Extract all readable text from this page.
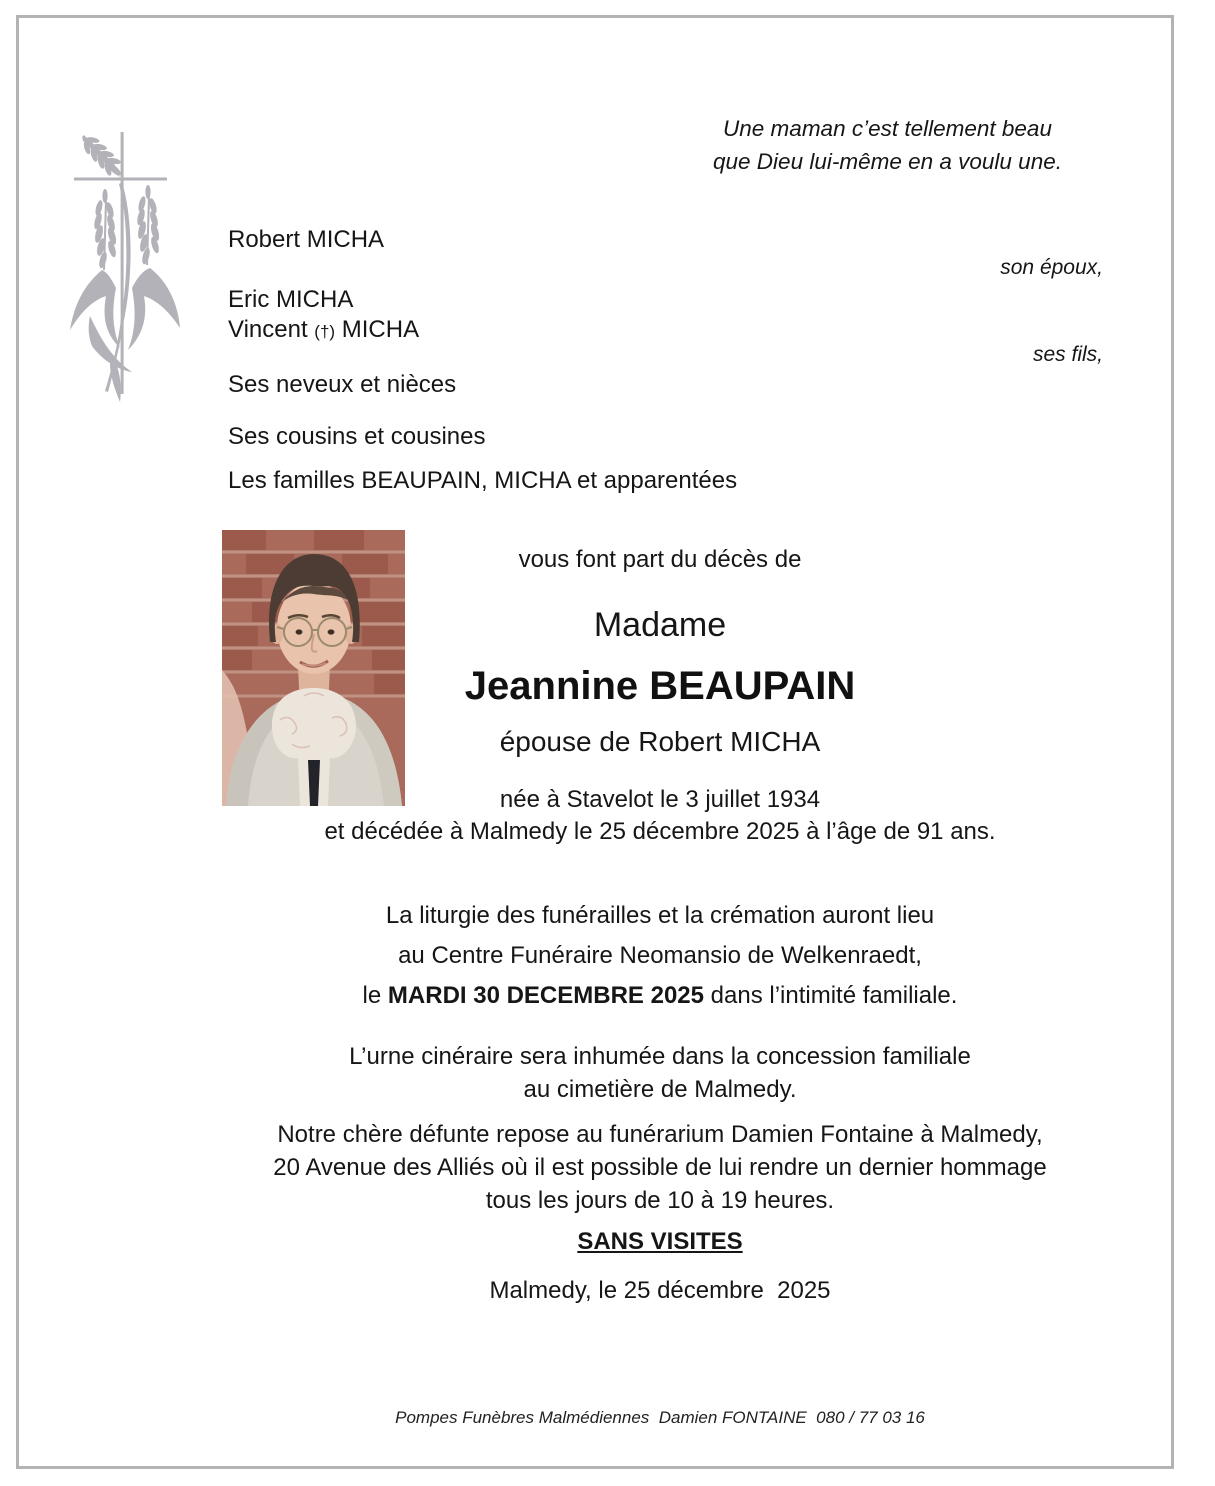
Une maman c’est tellement beau
que Dieu lui-même en a voulu une.
Robert MICHA
son époux,
Eric MICHA
Vincent (†) MICHA
ses fils,
Ses neveux et nièces
Ses cousins et cousines
Les familles BEAUPAIN, MICHA et apparentées
vous font part du décès de
Madame
Jeannine BEAUPAIN
épouse de Robert MICHA
née à Stavelot le 3 juillet 1934
et décédée à Malmedy le 25 décembre 2025 à l’âge de 91 ans.
La liturgie des funérailles et la crémation auront lieu
au Centre Funéraire Neomansio de Welkenraedt,
le MARDI 30 DECEMBRE 2025 dans l’intimité familiale.
L’urne cinéraire sera inhumée dans la concession familiale
au cimetière de Malmedy.
Notre chère défunte repose au funérarium Damien Fontaine à Malmedy,
20 Avenue des Alliés où il est possible de lui rendre un dernier hommage
tous les jours de 10 à 19 heures.
SANS VISITES
Malmedy, le 25 décembre  2025
Pompes Funèbres Malmédiennes  Damien FONTAINE  080 / 77 03 16
